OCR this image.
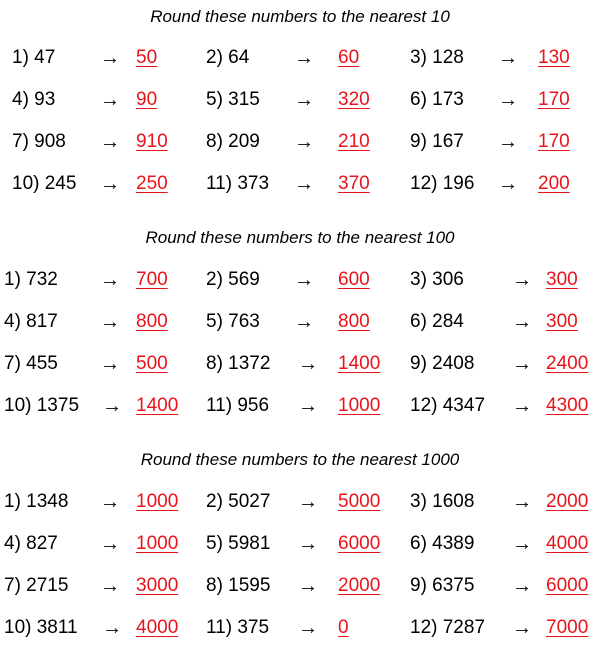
Round these numbers to the nearest 10
1) 47 → 50	2) 64 → 60	3) 128 → 130
4) 93 → 90	5) 315 → 320 6) 173 → 170
7) 908 → 910 8) 209 → 210 9) 167 → 170
10) 245 → 250 11) 373 → 370 12) 196 → 200
Round these numbers to the nearest 100
1) 732 → 700 2) 569 → 600 3) 306 → 300
4) 817 → 800 5) 763 → 800 6) 284 → 300
7) 455 → 500 8) 1372 → 1400 9) 2408 → 2400
10) 1375 → 1400 11) 956 → 1000 12) 4347 → 4300
Round these numbers to the nearest 1000
1) 1348 → 1000 2) 5027 → 5000 3) 1608 → 2000
4) 827 → 1000 5) 5981 → 6000 6) 4389 → 4000
7) 2715 → 3000 8) 1595 → 2000 9) 6375 → 6000
10) 3811 → 4000 11) 375 → 0	12) 7287 → 7000
